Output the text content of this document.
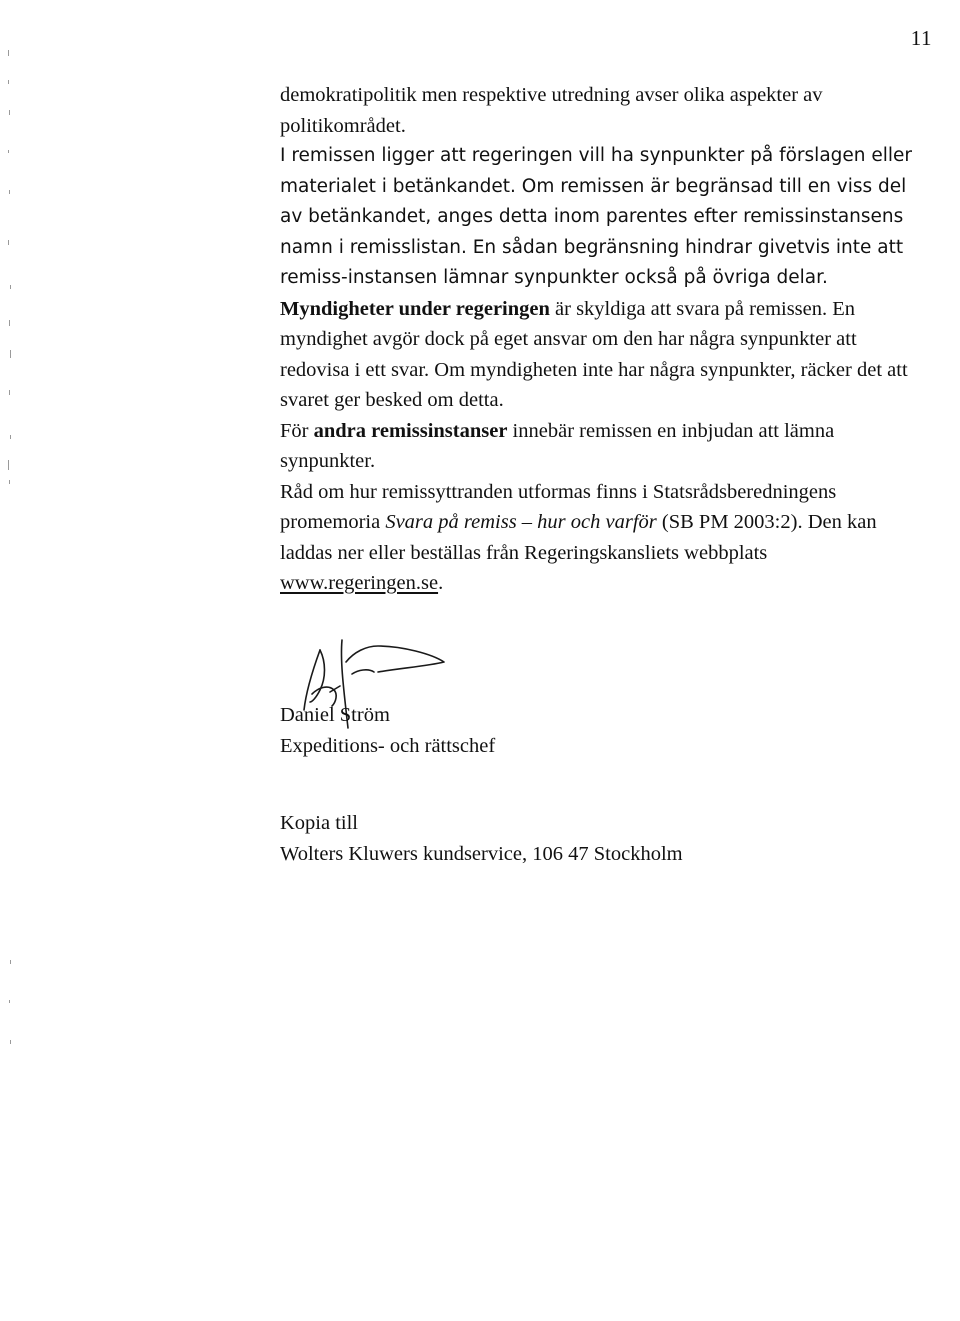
11

demokratipolitik men respektive utredning avser olika aspekter av politikområdet.

I remissen ligger att regeringen vill ha synpunkter på förslagen eller materialet i betänkandet. Om remissen är begränsad till en viss del av betänkandet, anges detta inom parentes efter remissinstansens namn i remisslistan. En sådan begränsning hindrar givetvis inte att remiss-instansen lämnar synpunkter också på övriga delar.

Myndigheter under regeringen är skyldiga att svara på remissen. En myndighet avgör dock på eget ansvar om den har några synpunkter att redovisa i ett svar. Om myndigheten inte har några synpunkter, räcker det att svaret ger besked om detta.

För andra remissinstanser innebär remissen en inbjudan att lämna synpunkter.

Råd om hur remissyttranden utformas finns i Statsrådsberedningens promemoria Svara på remiss – hur och varför (SB PM 2003:2). Den kan laddas ner eller beställas från Regeringskansliets webbplats www.regeringen.se.

Daniel Ström
Expeditions- och rättschef
Kopia till
Wolters Kluwers kundservice, 106 47 Stockholm
